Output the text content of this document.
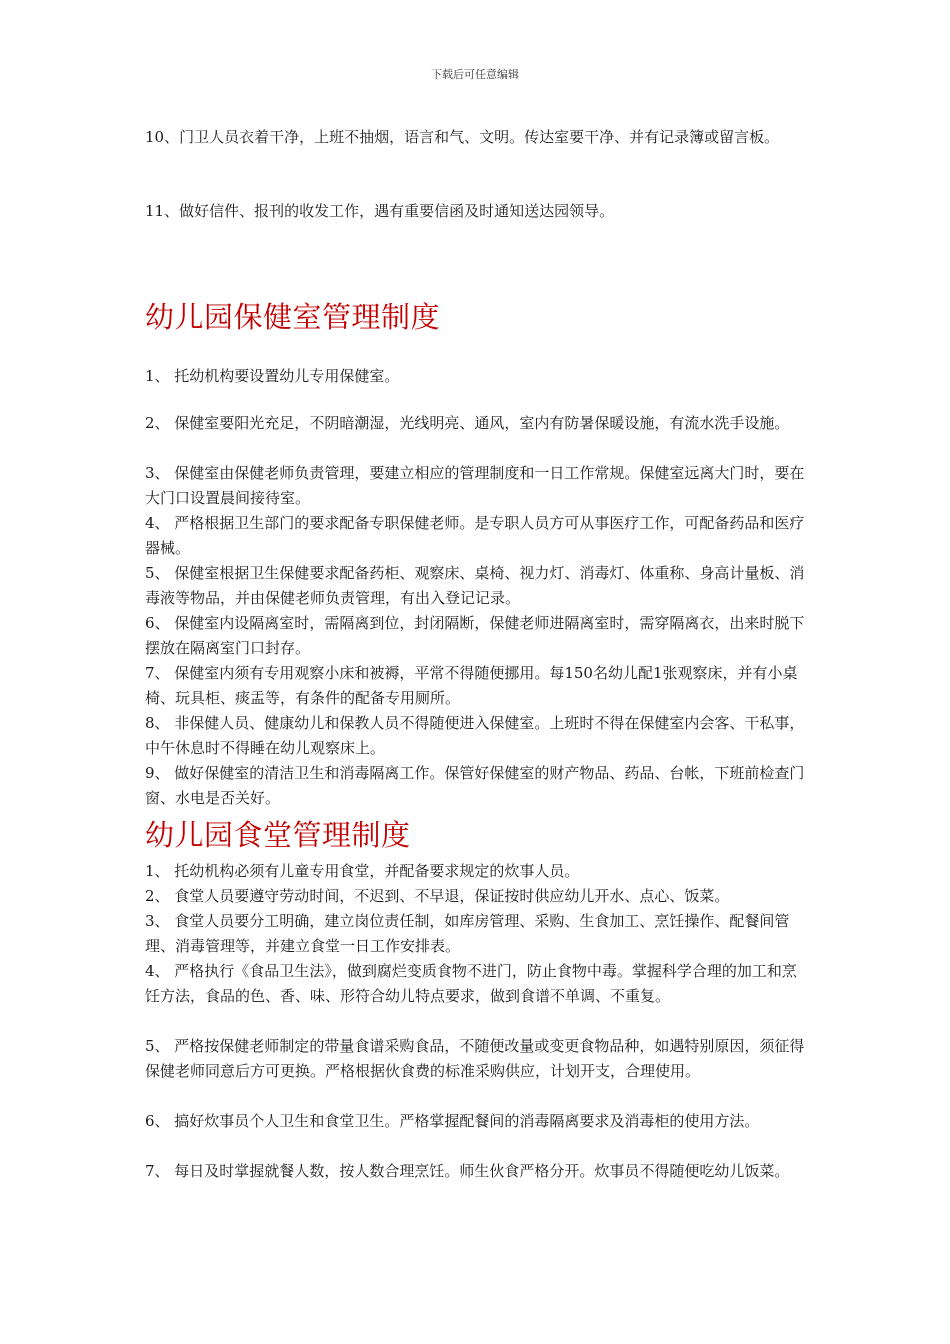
下载后可任意编辑

10、门卫人员衣着干净，上班不抽烟，语言和气、文明。传达室要干净、并有记录簿或留言板。

11、做好信件、报刊的收发工作，遇有重要信函及时通知送达园领导。

幼儿园保健室管理制度

1、 托幼机构要设置幼儿专用保健室。

2、 保健室要阳光充足，不阴暗潮湿，光线明亮、通风，室内有防暑保暖设施，有流水洗手设施。

3、 保健室由保健老师负责管理，要建立相应的管理制度和一日工作常规。保健室远离大门时，要在大门口设置晨间接待室。

4、 严格根据卫生部门的要求配备专职保健老师。是专职人员方可从事医疗工作，可配备药品和医疗器械。

5、 保健室根据卫生保健要求配备药柜、观察床、桌椅、视力灯、消毒灯、体重称、身高计量板、消毒液等物品，并由保健老师负责管理，有出入登记记录。

6、 保健室内设隔离室时，需隔离到位，封闭隔断，保健老师进隔离室时，需穿隔离衣，出来时脱下摆放在隔离室门口封存。

7、 保健室内须有专用观察小床和被褥，平常不得随便挪用。每150名幼儿配1张观察床，并有小桌椅、玩具柜、痰盂等，有条件的配备专用厕所。

8、 非保健人员、健康幼儿和保教人员不得随便进入保健室。上班时不得在保健室内会客、干私事，中午休息时不得睡在幼儿观察床上。

9、 做好保健室的清洁卫生和消毒隔离工作。保管好保健室的财产物品、药品、台帐，下班前检查门窗、水电是否关好。

幼儿园食堂管理制度

1、 托幼机构必须有儿童专用食堂，并配备要求规定的炊事人员。

2、 食堂人员要遵守劳动时间，不迟到、不早退，保证按时供应幼儿开水、点心、饭菜。

3、 食堂人员要分工明确，建立岗位责任制，如库房管理、采购、生食加工、烹饪操作、配餐间管理、消毒管理等，并建立食堂一日工作安排表。

4、 严格执行《食品卫生法》，做到腐烂变质食物不进门，防止食物中毒。掌握科学合理的加工和烹饪方法，食品的色、香、味、形符合幼儿特点要求，做到食谱不单调、不重复。

5、 严格按保健老师制定的带量食谱采购食品，不随便改量或变更食物品种，如遇特别原因，须征得保健老师同意后方可更换。严格根据伙食费的标准采购供应，计划开支，合理使用。

6、 搞好炊事员个人卫生和食堂卫生。严格掌握配餐间的消毒隔离要求及消毒柜的使用方法。

7、 每日及时掌握就餐人数，按人数合理烹饪。师生伙食严格分开。炊事员不得随便吃幼儿饭菜。
